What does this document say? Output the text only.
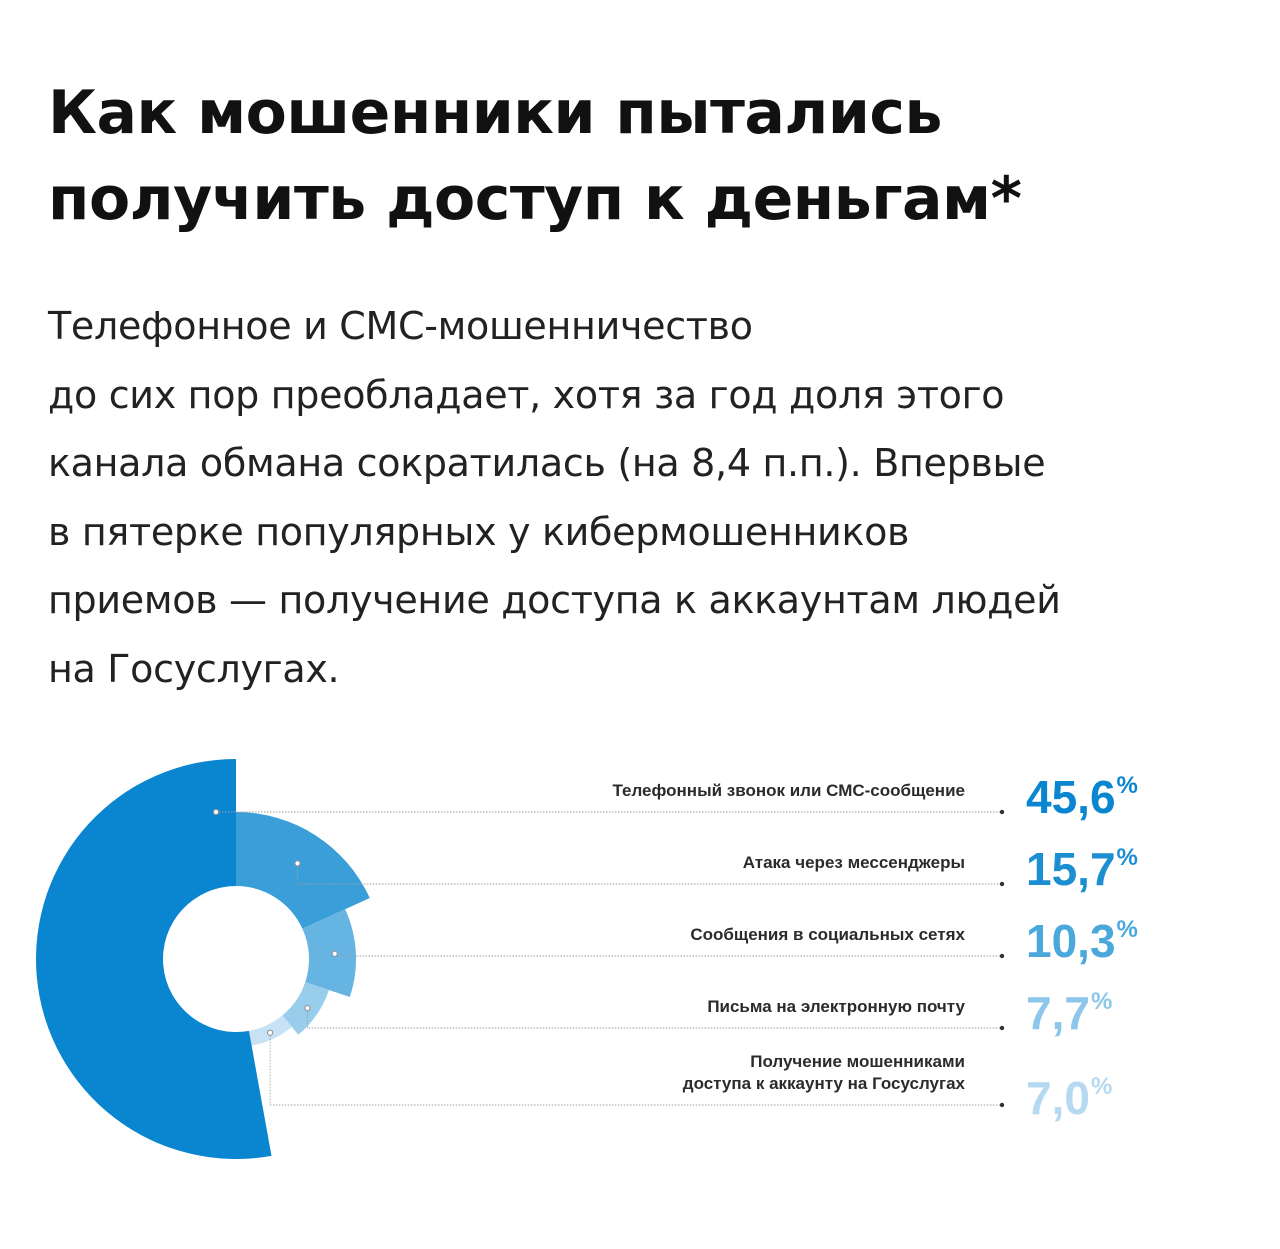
Как мошенники пытались
получить доступ к деньгам*
Телефонное и СМС-мошенничество
до сих пор преобладает, хотя за год доля этого
канала обмана сократилась (на 8,4 п.п.). Впервые
в пятерке популярных у кибермошенников
приемов — получение доступа к аккаунтам людей
на Госуслугах.
Телефонный звонок или СМС-сообщение 45,6 %
Атака через мессенджеры 15,7 %
Сообщения в социальных сетях 10,3 %
Письма на электронную почту 7,7 %
Получение мошенниками
доступа к аккаунту на Госуслугах 7,0 %
